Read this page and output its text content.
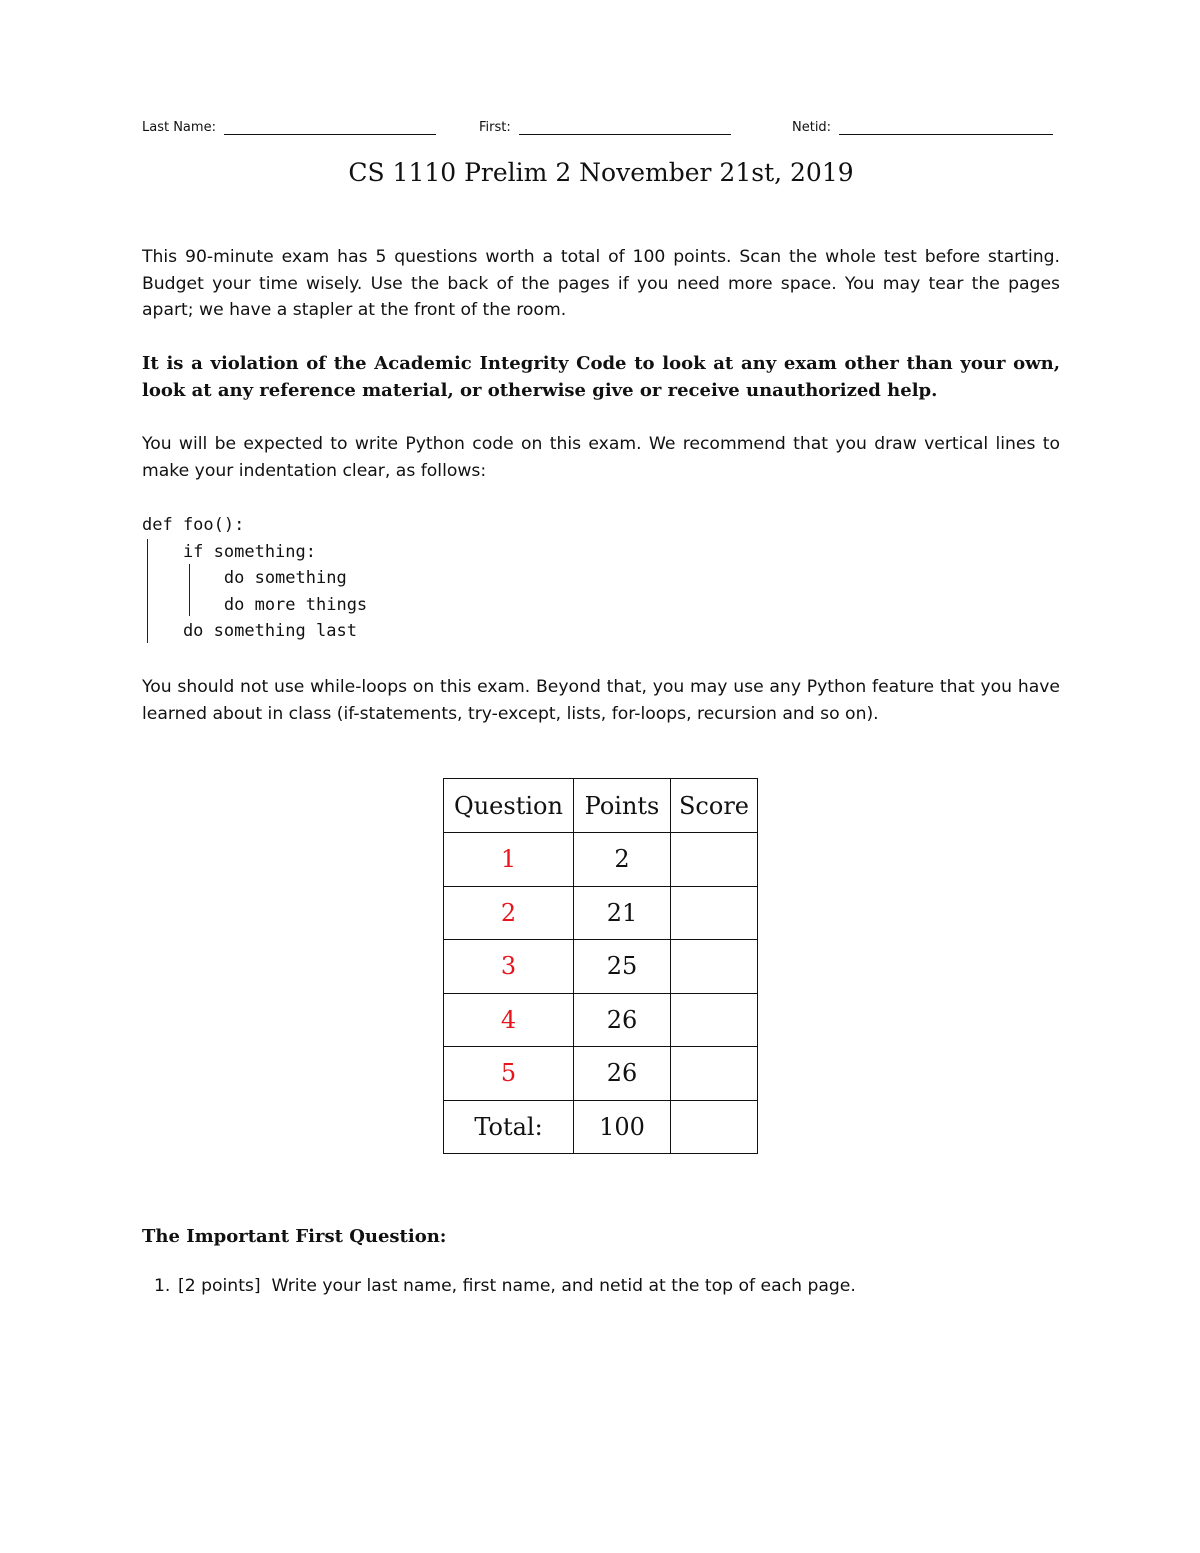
Last Name:	First:	Netid:
CS 1110 Prelim 2 November 21st, 2019

This 90-minute exam has 5 questions worth a total of 100 points. Scan the whole test before starting. Budget your time wisely. Use the back of the pages if you need more space. You may tear the pages apart; we have a stapler at the front of the room.

It is a violation of the Academic Integrity Code to look at any exam other than your own, look at any reference material, or otherwise give or receive unauthorized help.

You will be expected to write Python code on this exam. We recommend that you draw vertical lines to make your indentation clear, as follows:

def foo():
if something:
do something
do more things
do something last

You should not use while-loops on this exam. Beyond that, you may use any Python feature that you have learned about in class (if-statements, try-except, lists, for-loops, recursion and so on).

Question	Points	Score
1	2	
2	21	
3	25	
4	26	
5	26	
Total:	100	
The Important First Question:
1. [2 points]  Write your last name, first name, and netid at the top of each page.
